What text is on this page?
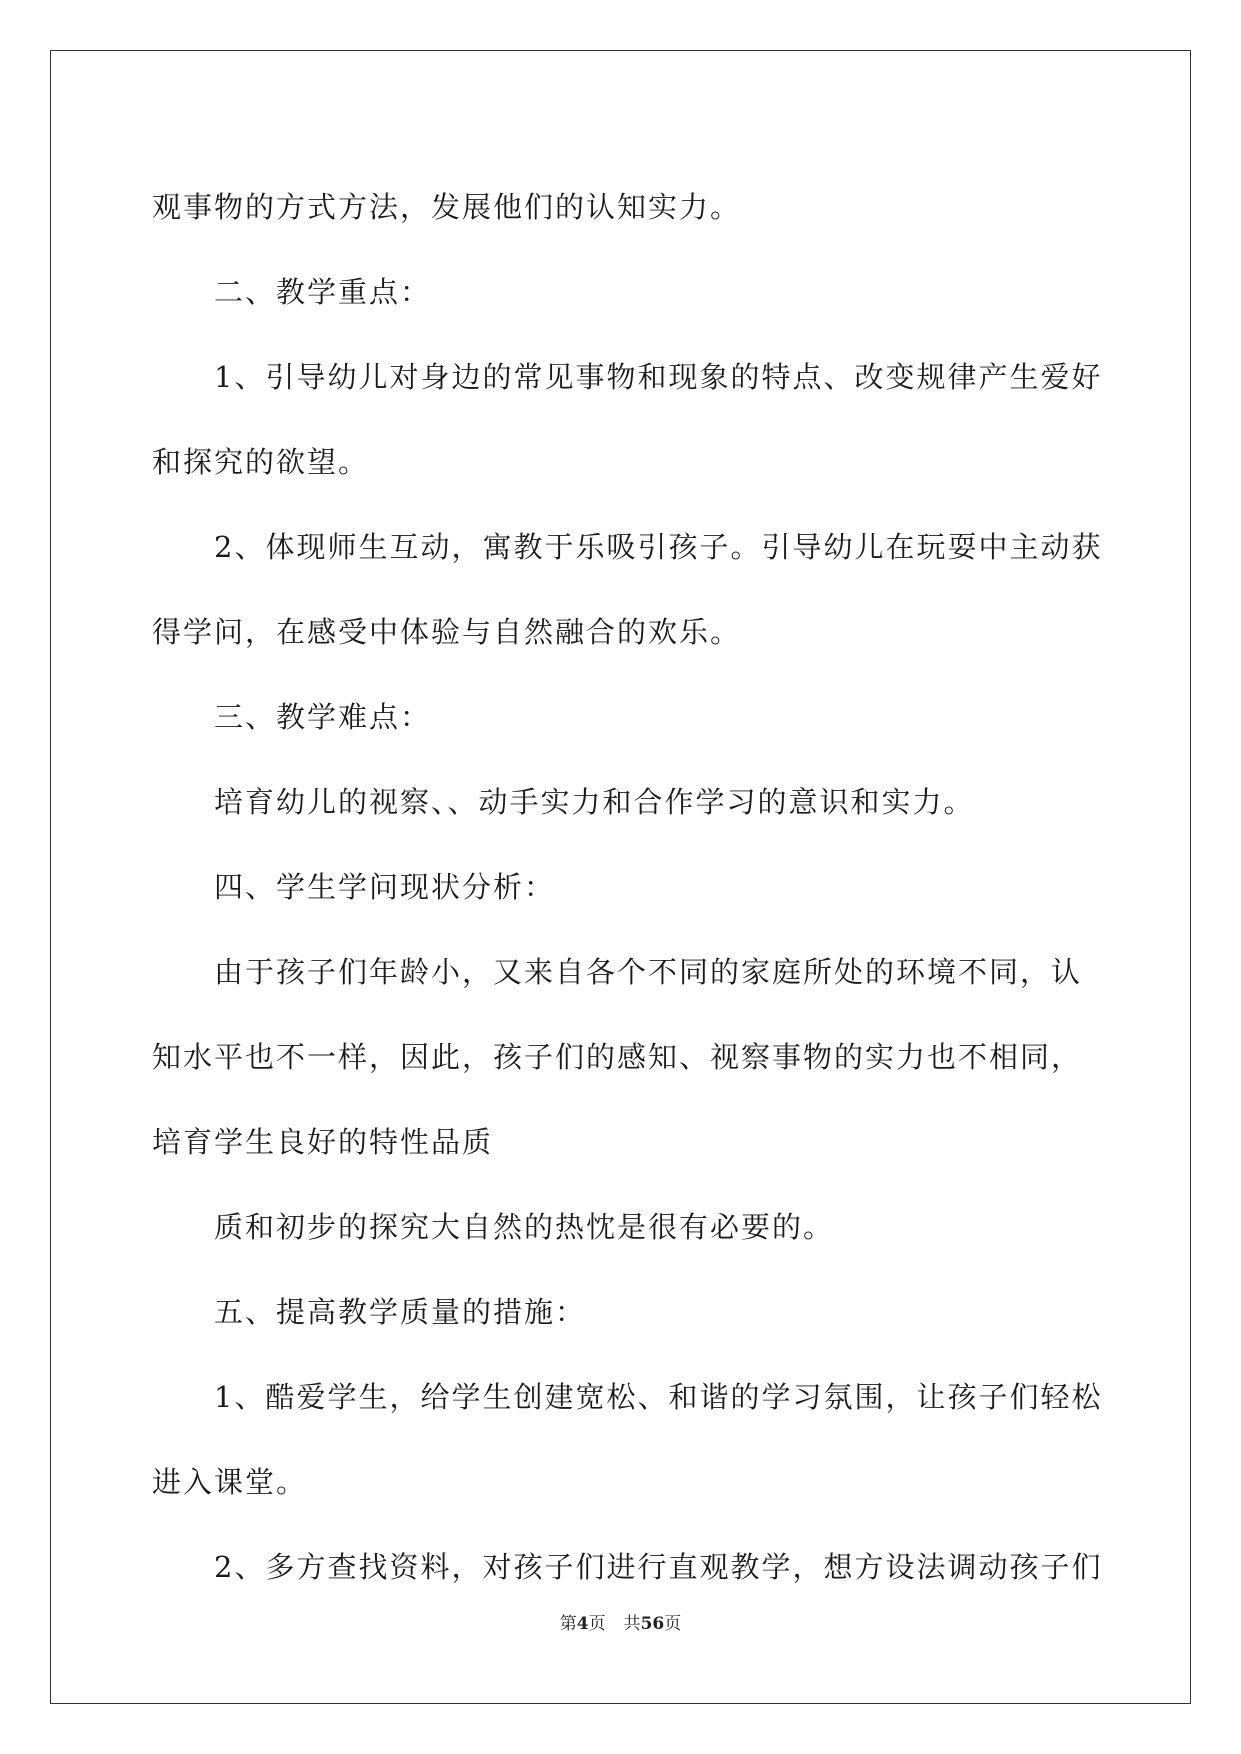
观事物的方式方法，发展他们的认知实力。
二、教学重点：
1、引导幼儿对身边的常见事物和现象的特点、改变规律产生爱好
和探究的欲望。
2、体现师生互动，寓教于乐吸引孩子。引导幼儿在玩耍中主动获
得学问，在感受中体验与自然融合的欢乐。
三、教学难点：
培育幼儿的视察、、动手实力和合作学习的意识和实力。
四、学生学问现状分析：
由于孩子们年龄小，又来自各个不同的家庭所处的环境不同，认
知水平也不一样，因此，孩子们的感知、视察事物的实力也不相同，
培育学生良好的特性品质
质和初步的探究大自然的热忱是很有必要的。
五、提高教学质量的措施：
1、酷爱学生，给学生创建宽松、和谐的学习氛围，让孩子们轻松
进入课堂。
2、多方查找资料，对孩子们进行直观教学，想方设法调动孩子们
第4页 共56页
